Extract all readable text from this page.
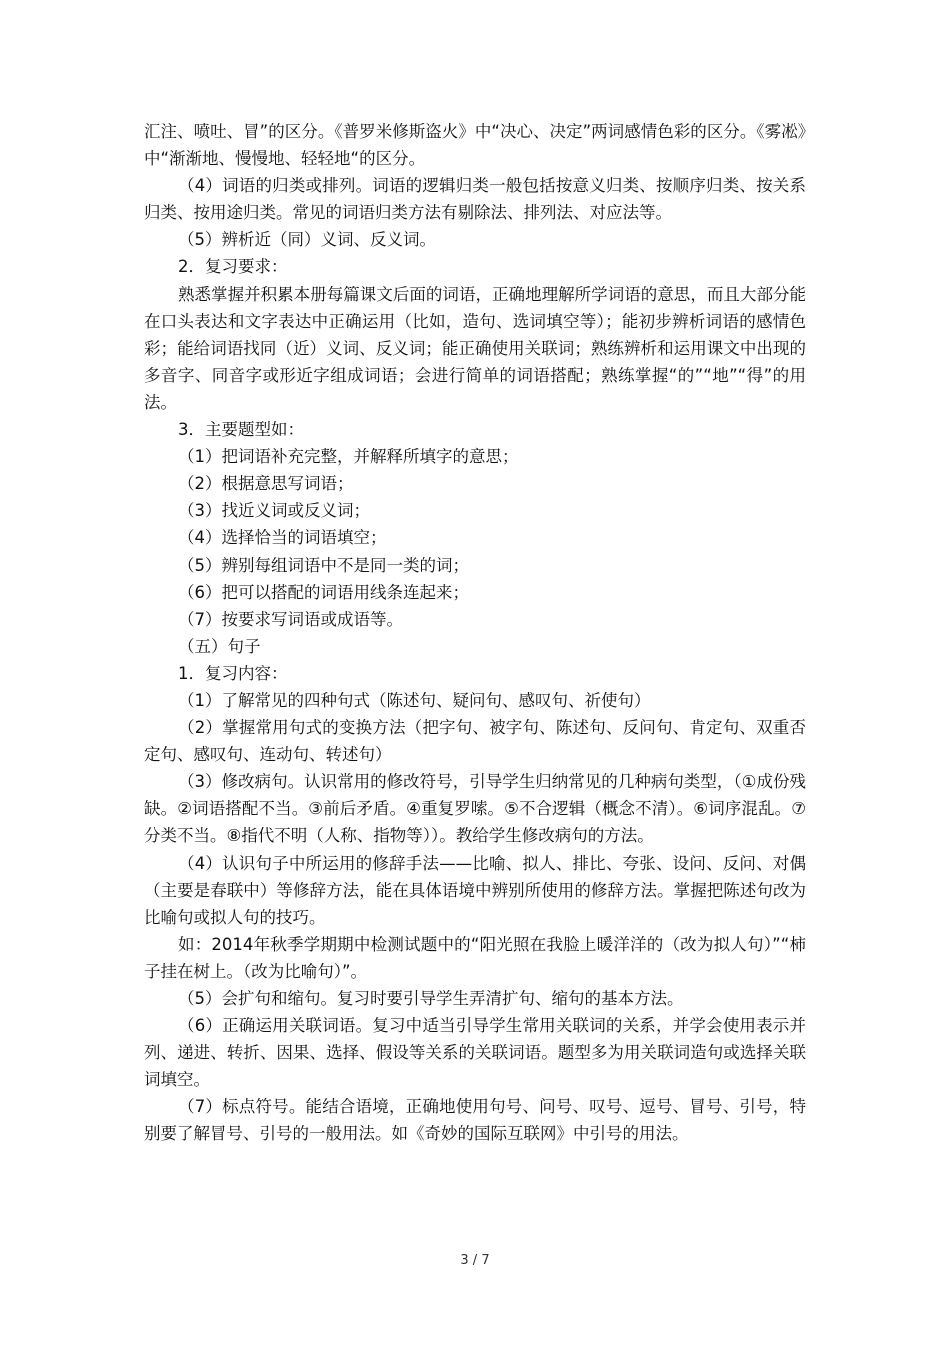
汇注、喷吐、冒”的区分。《普罗米修斯盗火》中“决心、决定”两词感情色彩的区分。《雾凇》中“渐渐地、慢慢地、轻轻地“的区分。

（4）词语的归类或排列。词语的逻辑归类一般包括按意义归类、按顺序归类、按关系归类、按用途归类。常见的词语归类方法有剔除法、排列法、对应法等。

（5）辨析近（同）义词、反义词。

2．复习要求：

熟悉掌握并积累本册每篇课文后面的词语，正确地理解所学词语的意思，而且大部分能在口头表达和文字表达中正确运用（比如，造句、选词填空等）；能初步辨析词语的感情色彩；能给词语找同（近）义词、反义词；能正确使用关联词；熟练辨析和运用课文中出现的多音字、同音字或形近字组成词语；会进行简单的词语搭配；熟练掌握“的”“地”“得”的用法。

3．主要题型如：

（1）把词语补充完整，并解释所填字的意思；

（2）根据意思写词语；

（3）找近义词或反义词；

（4）选择恰当的词语填空；

（5）辨别每组词语中不是同一类的词；

（6）把可以搭配的词语用线条连起来；

（7）按要求写词语或成语等。

（五）句子

1．复习内容：

（1）了解常见的四种句式（陈述句、疑问句、感叹句、祈使句）

（2）掌握常用句式的变换方法（把字句、被字句、陈述句、反问句、肯定句、双重否定句、感叹句、连动句、转述句）

（3）修改病句。认识常用的修改符号，引导学生归纳常见的几种病句类型，（①成份残缺。②词语搭配不当。③前后矛盾。④重复罗嗦。⑤不合逻辑（概念不清）。⑥词序混乱。⑦分类不当。⑧指代不明（人称、指物等））。教给学生修改病句的方法。

（4）认识句子中所运用的修辞手法——比喻、拟人、排比、夸张、设问、反问、对偶（主要是春联中）等修辞方法，能在具体语境中辨别所使用的修辞方法。掌握把陈述句改为比喻句或拟人句的技巧。

如：2014年秋季学期期中检测试题中的“阳光照在我脸上暖洋洋的（改为拟人句）”“柿子挂在树上。（改为比喻句）”。

（5）会扩句和缩句。复习时要引导学生弄清扩句、缩句的基本方法。

（6）正确运用关联词语。复习中适当引导学生常用关联词的关系，并学会使用表示并列、递进、转折、因果、选择、假设等关系的关联词语。题型多为用关联词造句或选择关联词填空。

（7）标点符号。能结合语境，正确地使用句号、问号、叹号、逗号、冒号、引号，特别要了解冒号、引号的一般用法。如《奇妙的国际互联网》中引号的用法。

3 / 7
